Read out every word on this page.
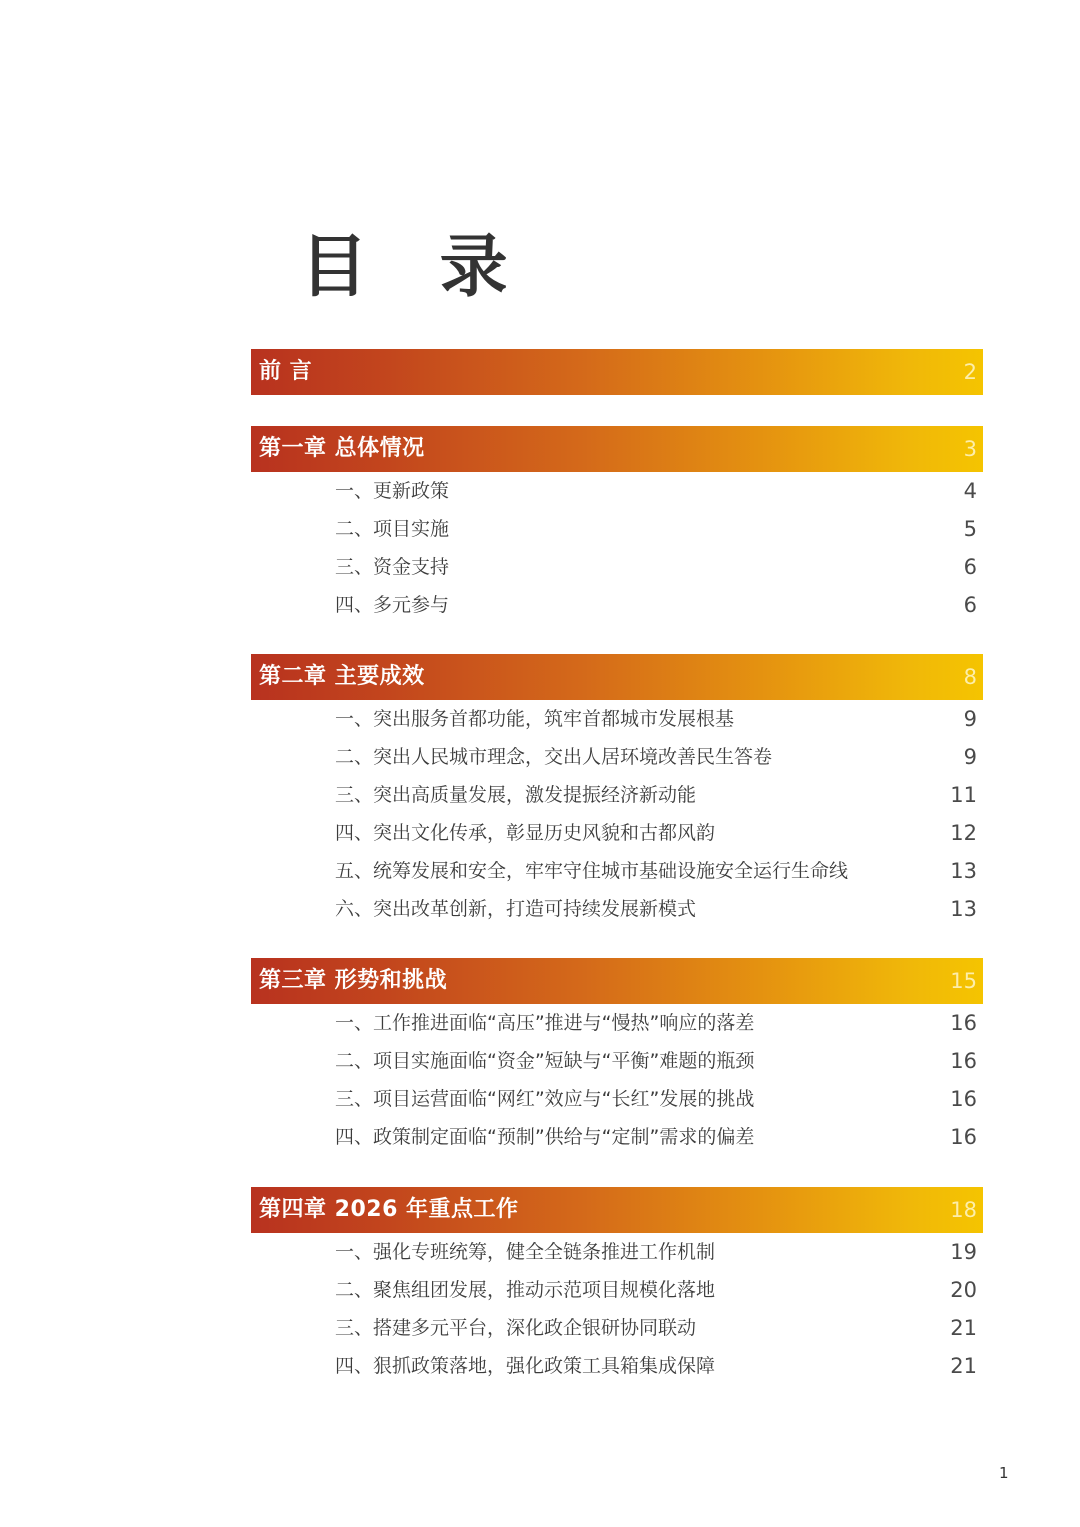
目 录
前 言	2
第一章 总体情况	3
一、更新政策	4
二、项目实施	5
三、资金支持	6
四、多元参与	6
第二章 主要成效	8
一、突出服务首都功能，筑牢首都城市发展根基	9
二、突出人民城市理念，交出人居环境改善民生答卷	9
三、突出高质量发展，激发提振经济新动能	11
四、突出文化传承，彰显历史风貌和古都风韵	12
五、统筹发展和安全，牢牢守住城市基础设施安全运行生命线	13
六、突出改革创新，打造可持续发展新模式	13
第三章 形势和挑战	15
一、工作推进面临“高压”推进与“慢热”响应的落差	16
二、项目实施面临“资金”短缺与“平衡”难题的瓶颈	16
三、项目运营面临“网红”效应与“长红”发展的挑战	16
四、政策制定面临“预制”供给与“定制”需求的偏差	16
第四章 2026 年重点工作	18
一、强化专班统筹，健全全链条推进工作机制	19
二、聚焦组团发展，推动示范项目规模化落地	20
三、搭建多元平台，深化政企银研协同联动	21
四、狠抓政策落地，强化政策工具箱集成保障	21
1
